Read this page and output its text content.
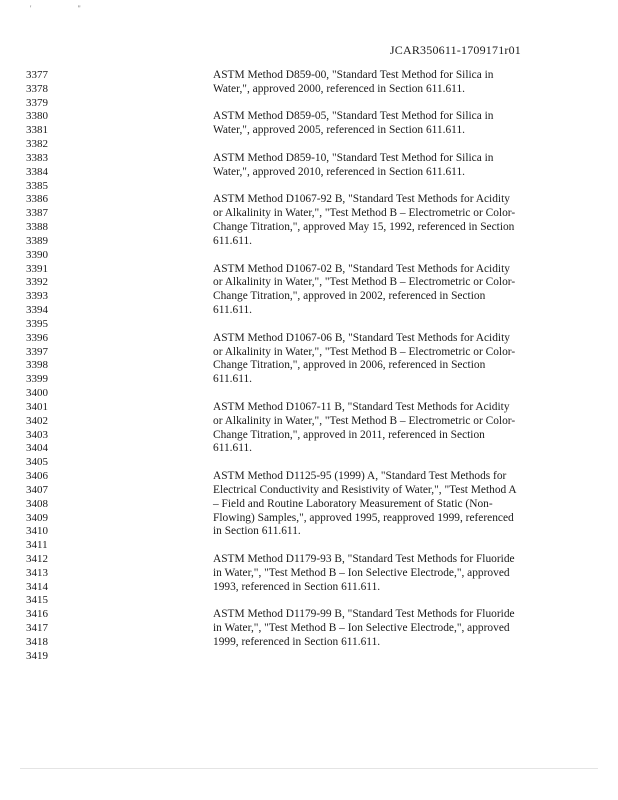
' "
JCAR350611-1709171r01
3377
3378
3379
3380
3381
3382
3383
3384
3385
3386
3387
3388
3389
3390
3391
3392
3393
3394
3395
3396
3397
3398
3399
3400
3401
3402
3403
3404
3405
3406
3407
3408
3409
3410
3411
3412
3413
3414
3415
3416
3417
3418
3419
ASTM Method D859-00, "Standard Test Method for Silica in
Water,", approved 2000, referenced in Section 611.611.
ASTM Method D859-05, "Standard Test Method for Silica in
Water,", approved 2005, referenced in Section 611.611.
ASTM Method D859-10, "Standard Test Method for Silica in
Water,", approved 2010, referenced in Section 611.611.
ASTM Method D1067-92 B, "Standard Test Methods for Acidity
or Alkalinity in Water,", "Test Method B – Electrometric or Color-
Change Titration,", approved May 15, 1992, referenced in Section
611.611.
ASTM Method D1067-02 B, "Standard Test Methods for Acidity
or Alkalinity in Water,", "Test Method B – Electrometric or Color-
Change Titration,", approved in 2002, referenced in Section
611.611.
ASTM Method D1067-06 B, "Standard Test Methods for Acidity
or Alkalinity in Water,", "Test Method B – Electrometric or Color-
Change Titration,", approved in 2006, referenced in Section
611.611.
ASTM Method D1067-11 B, "Standard Test Methods for Acidity
or Alkalinity in Water,", "Test Method B – Electrometric or Color-
Change Titration,", approved in 2011, referenced in Section
611.611.
ASTM Method D1125-95 (1999) A, "Standard Test Methods for
Electrical Conductivity and Resistivity of Water,", "Test Method A
– Field and Routine Laboratory Measurement of Static (Non-
Flowing) Samples,", approved 1995, reapproved 1999, referenced
in Section 611.611.
ASTM Method D1179-93 B, "Standard Test Methods for Fluoride
in Water,", "Test Method B – Ion Selective Electrode,", approved
1993, referenced in Section 611.611.
ASTM Method D1179-99 B, "Standard Test Methods for Fluoride
in Water,", "Test Method B – Ion Selective Electrode,", approved
1999, referenced in Section 611.611.
